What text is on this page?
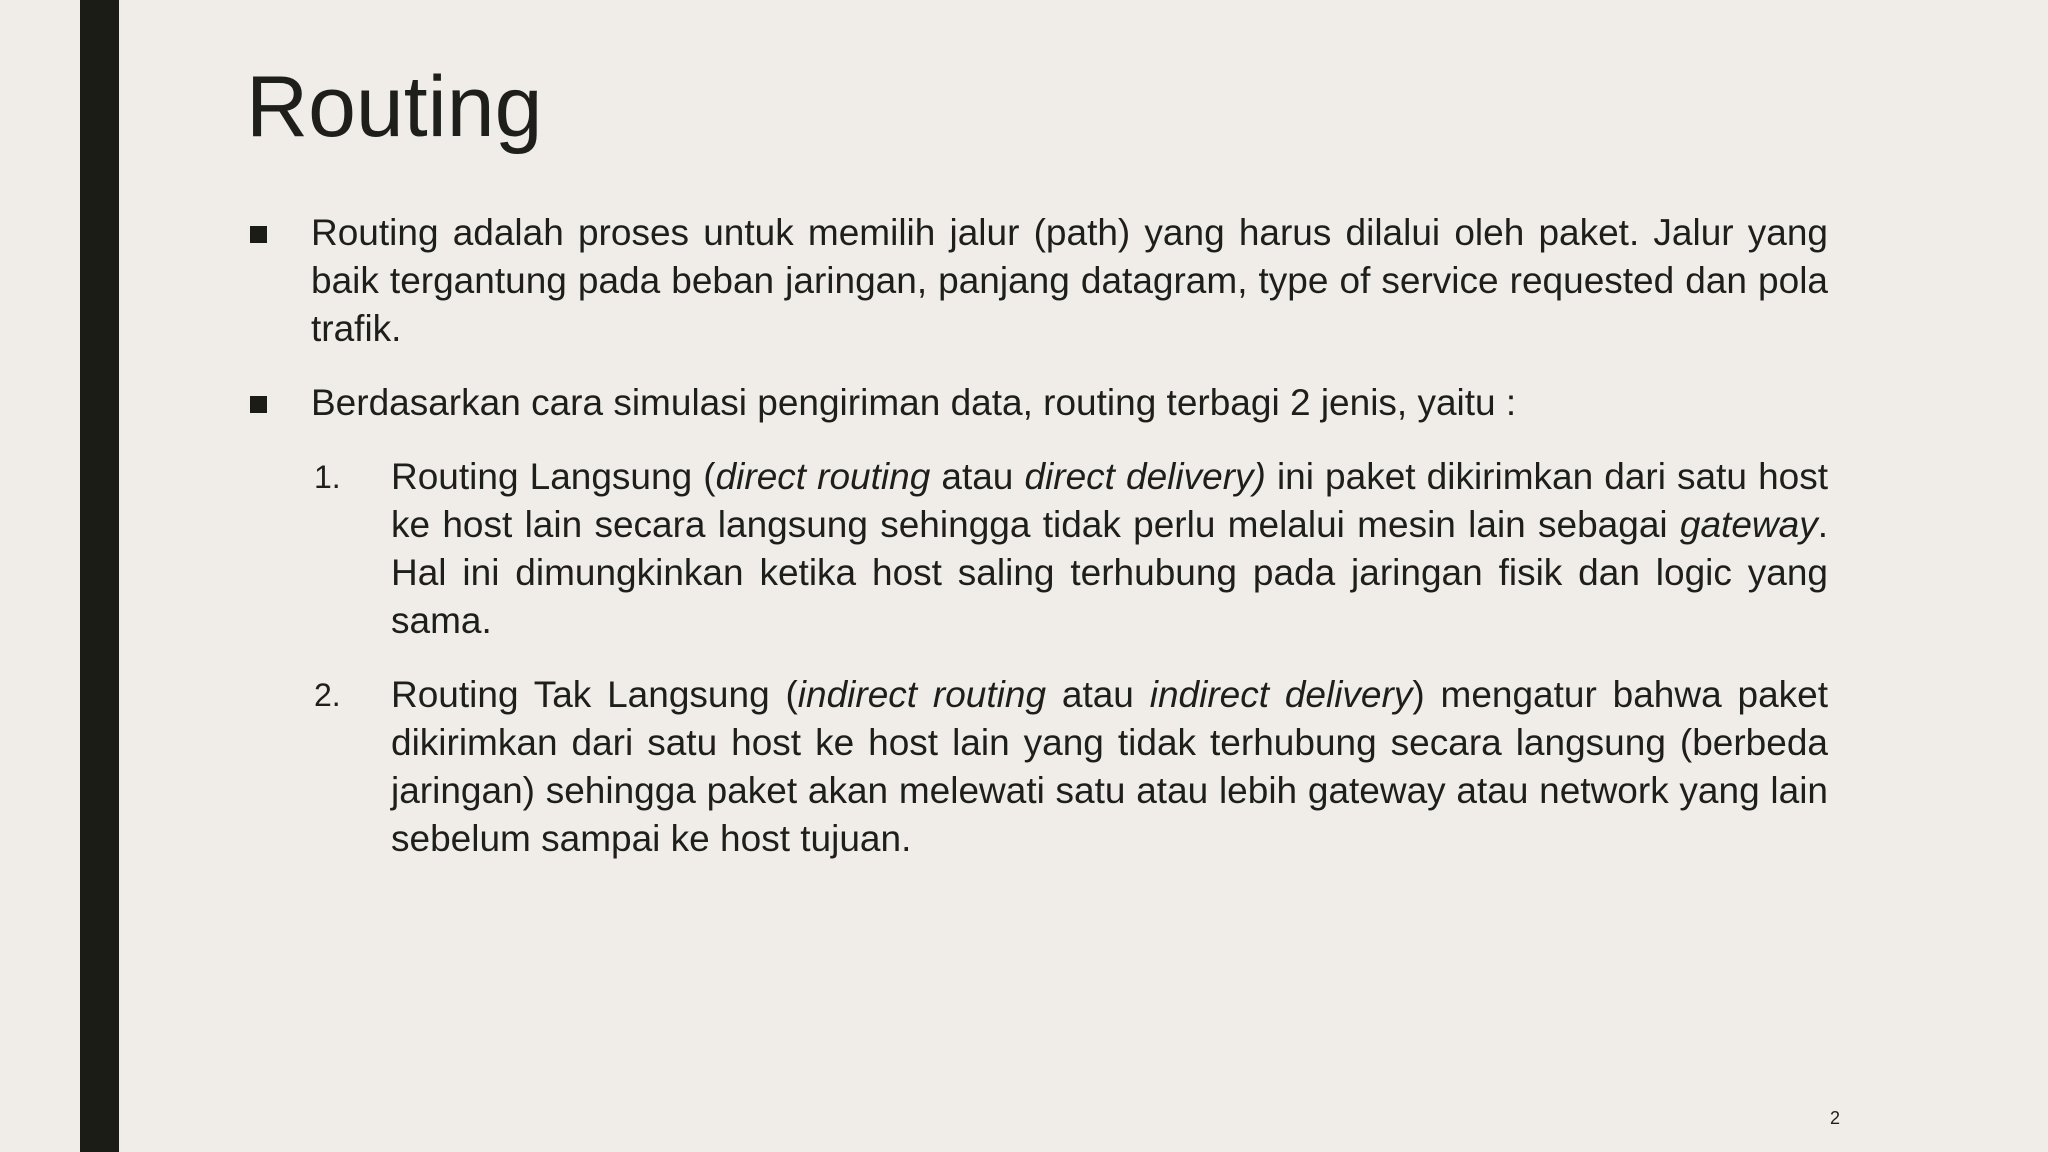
Routing
Routing adalah proses untuk memilih jalur (path) yang harus dilalui oleh paket. Jalur yang baik tergantung pada beban jaringan, panjang datagram, type of service requested dan pola trafik.
Berdasarkan cara simulasi pengiriman data, routing terbagi 2 jenis, yaitu :
1. Routing Langsung (direct routing atau direct delivery) ini paket dikirimkan dari satu host ke host lain secara langsung sehingga tidak perlu melalui mesin lain sebagai gateway. Hal ini dimungkinkan ketika host saling terhubung pada jaringan fisik dan logic yang sama.
2. Routing Tak Langsung (indirect routing atau indirect delivery) mengatur bahwa paket dikirimkan dari satu host ke host lain yang tidak terhubung secara langsung (berbeda jaringan) sehingga paket akan melewati satu atau lebih gateway atau network yang lain sebelum sampai ke host tujuan.
2
